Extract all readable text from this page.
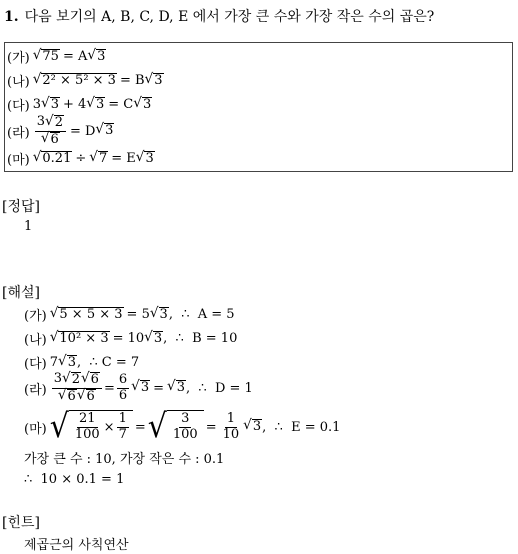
1. 다음 보기의 A, B, C, D, E 에서 가장 큰 수와 가장 작은 수의 곱은?
(가) √ 75 = A √ 3
(나) √ 2² × 5² × 3 = B √ 3
(다) 3 √ 3 + 4 √ 3 = C √ 3
(라) $\frac{3 √ 2}{√ 6} = D$ √ 3
(마) √ 0.21 ÷ √ 7 = E √ 3
[정답]
1
[해설]
(가) √ 5 × 5 × 3 = 5 √ 3 ,  ∴  A = 5
(나) √ 10² × 3 = 10 √ 3 ,  ∴  B = 10
(다) 7 √ 3 ,  ∴ C = 7
(라) $\frac{3 √ 2 √ 6}{√ 6 √ 6} = \frac{6}{6}$ √ 3 = √ 3 ,  ∴  D = 1
(마) √ $\frac{21}{100} \times \frac{1}{7}$ = √ $\frac{3}{100} = \frac{1}{10}$ √ 3 ,  ∴  E = 0.1
가장 큰 수 : 10, 가장 작은 수 : 0.1
∴  10 × 0.1 = 1
[힌트]
제곱근의 사칙연산
